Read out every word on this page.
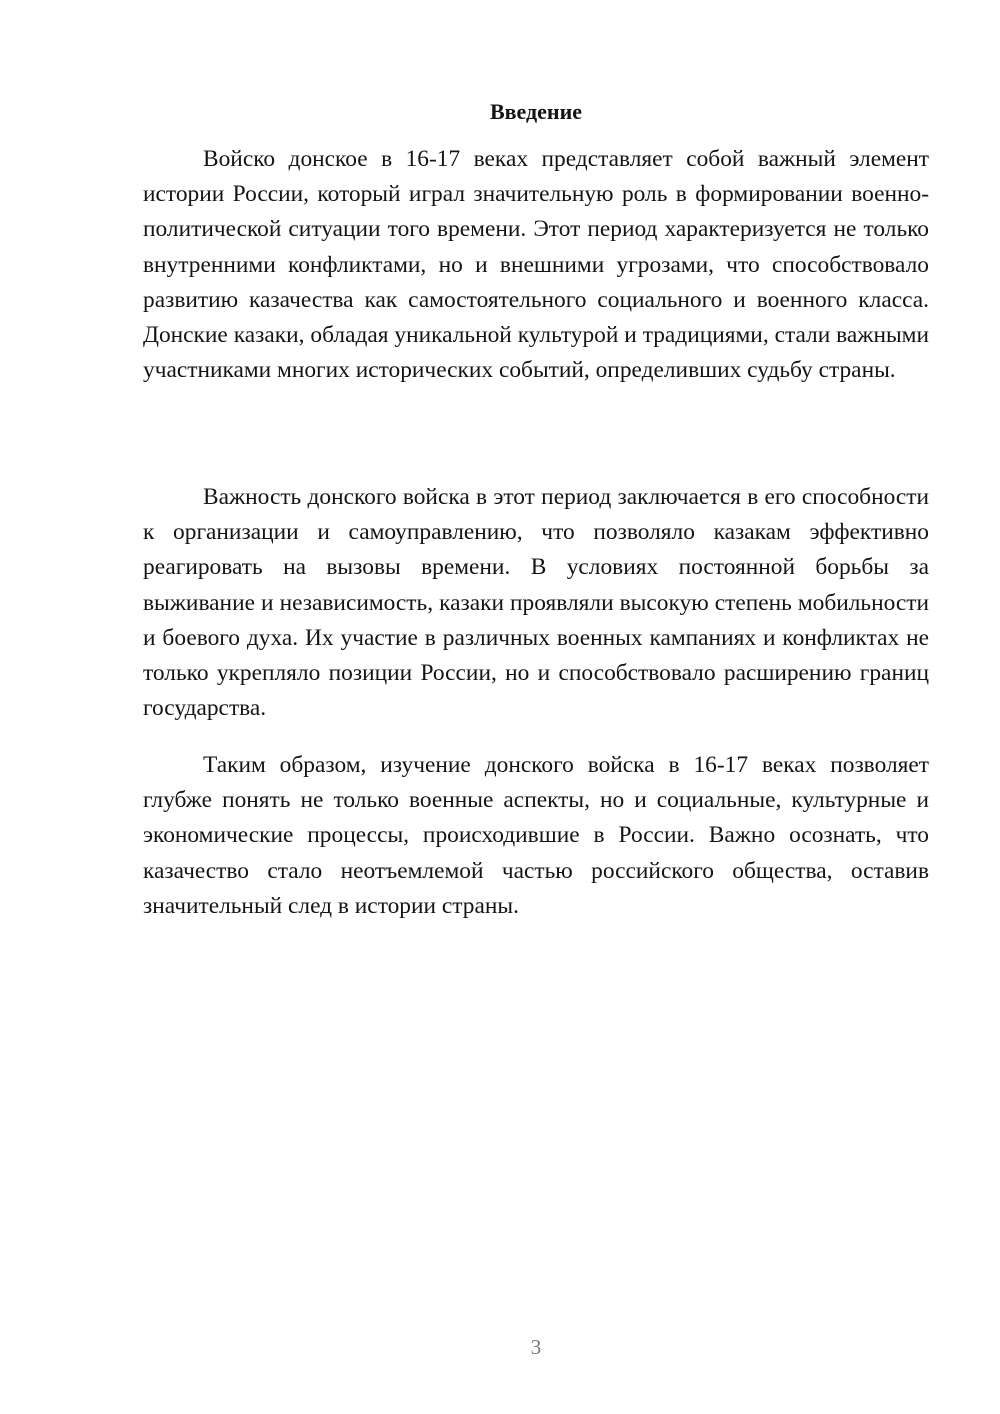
Введение

Войско донское в 16-17 веках представляет собой важный элемент истории России, который играл значительную роль в формировании военно-политической ситуации того времени. Этот период характеризуется не только внутренними конфликтами, но и внешними угрозами, что способствовало развитию казачества как самостоятельного социального и военного класса. Донские казаки, обладая уникальной культурой и традициями, стали важными участниками многих исторических событий, определивших судьбу страны.

Важность донского войска в этот период заключается в его способности к организации и самоуправлению, что позволяло казакам эффективно реагировать на вызовы времени. В условиях постоянной борьбы за выживание и независимость, казаки проявляли высокую степень мобильности и боевого духа. Их участие в различных военных кампаниях и конфликтах не только укрепляло позиции России, но и способствовало расширению границ государства.

Таким образом, изучение донского войска в 16-17 веках позволяет глубже понять не только военные аспекты, но и социальные, культурные и экономические процессы, происходившие в России. Важно осознать, что казачество стало неотъемлемой частью российского общества, оставив значительный след в истории страны.

3
